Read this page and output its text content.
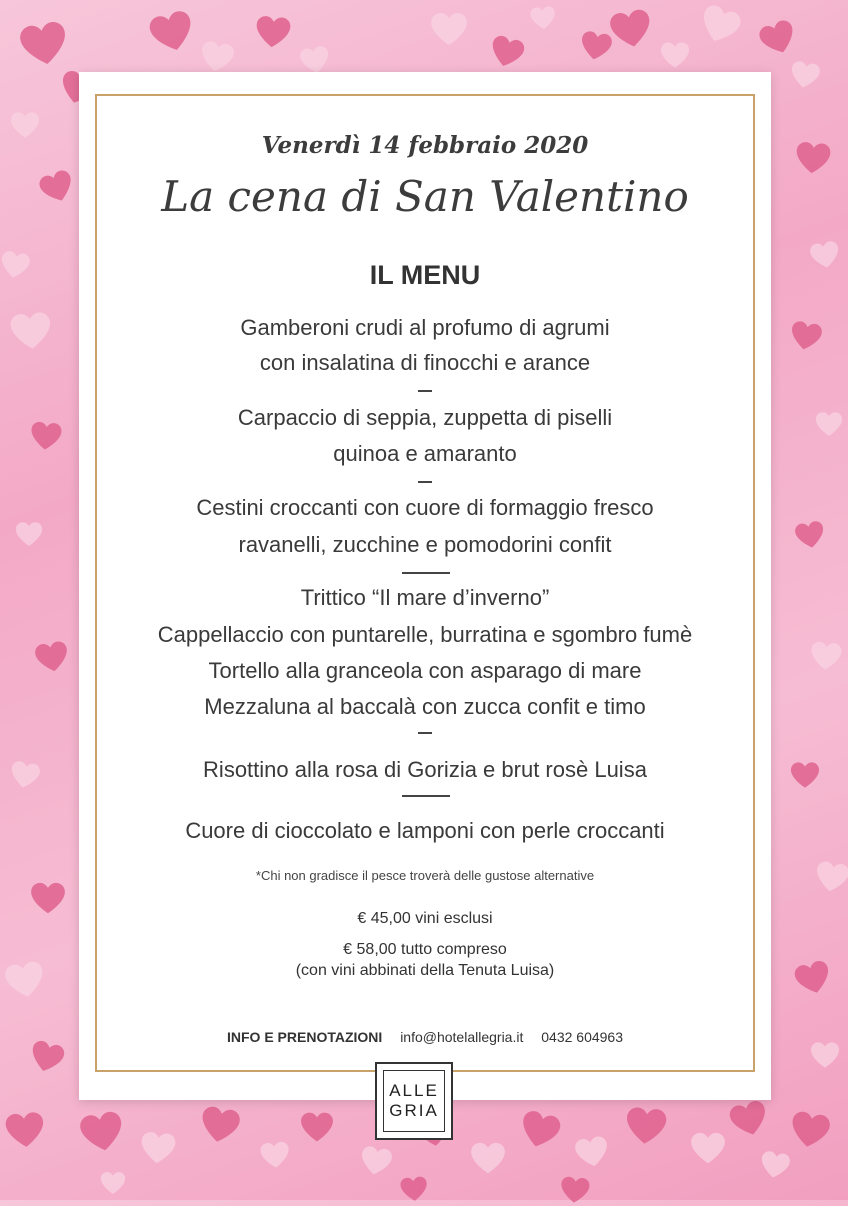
Venerdì 14 febbraio 2020
La cena di San Valentino
IL MENU
Gamberoni crudi al profumo di agrumi
con insalatina di finocchi e arance
Carpaccio di seppia, zuppetta di piselli
quinoa e amaranto
Cestini croccanti con cuore di formaggio fresco
ravanelli, zucchine e pomodorini confit
Trittico “Il mare d’inverno”
Cappellaccio con puntarelle, burratina e sgombro fumè
Tortello alla granceola con asparago di mare
Mezzaluna al baccalà con zucca confit e timo
Risottino alla rosa di Gorizia e brut rosè Luisa
Cuore di cioccolato e lamponi con perle croccanti
*Chi non gradisce il pesce troverà delle gustose alternative
€ 45,00 vini esclusi
€ 58,00 tutto compreso
(con vini abbinati della Tenuta Luisa)
INFO E PRENOTAZIONI info@hotelallegria.it 0432 604963
ALLE
GRIA
